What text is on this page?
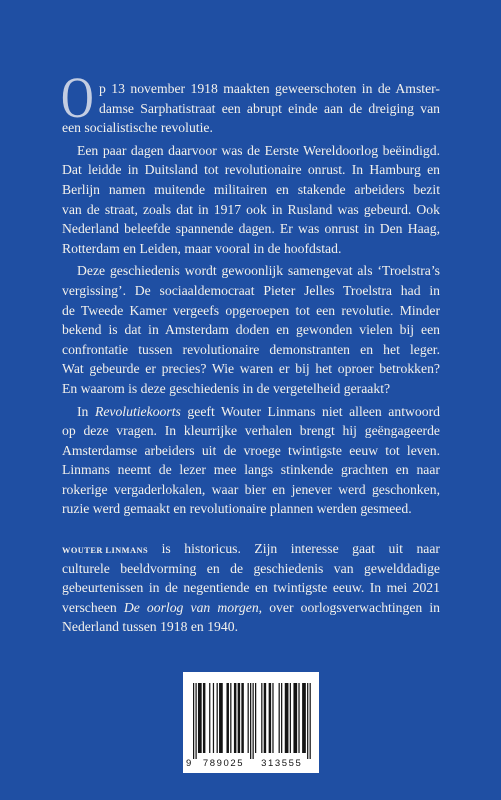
O p 13 november 1918 maakten geweerschoten in de Amster-
damse Sarphatistraat een abrupt einde aan de dreiging van
een socialistische revolutie.
Een paar dagen daarvoor was de Eerste Wereldoorlog beëindigd.
Dat leidde in Duitsland tot revolutionaire onrust. In Hamburg en
Berlijn namen muitende militairen en stakende arbeiders bezit
van de straat, zoals dat in 1917 ook in Rusland was gebeurd. Ook
Nederland beleefde spannende dagen. Er was onrust in Den Haag,
Rotterdam en Leiden, maar vooral in de hoofdstad.
Deze geschiedenis wordt gewoonlijk samengevat als ‘Troelstra’s
vergissing’. De sociaaldemocraat Pieter Jelles Troelstra had in
de Tweede Kamer vergeefs opgeroepen tot een revolutie. Minder
bekend is dat in Amsterdam doden en gewonden vielen bij een
confrontatie tussen revolutionaire demonstranten en het leger.
Wat gebeurde er precies? Wie waren er bij het oproer betrokken?
En waarom is deze geschiedenis in de vergetelheid geraakt?
In Revolutiekoorts geeft Wouter Linmans niet alleen antwoord
op deze vragen. In kleurrijke verhalen brengt hij geëngageerde
Amsterdamse arbeiders uit de vroege twintigste eeuw tot leven.
Linmans neemt de lezer mee langs stinkende grachten en naar
rokerige vergaderlokalen, waar bier en jenever werd geschonken,
ruzie werd gemaakt en revolutionaire plannen werden gesmeed.
WOUTER LINMANS is historicus. Zijn interesse gaat uit naar
culturele beeldvorming en de geschiedenis van gewelddadige
gebeurtenissen in de negentiende en twintigste eeuw. In mei 2021
verscheen De oorlog van morgen, over oorlogsverwachtingen in
Nederland tussen 1918 en 1940.
9 789025 313555
